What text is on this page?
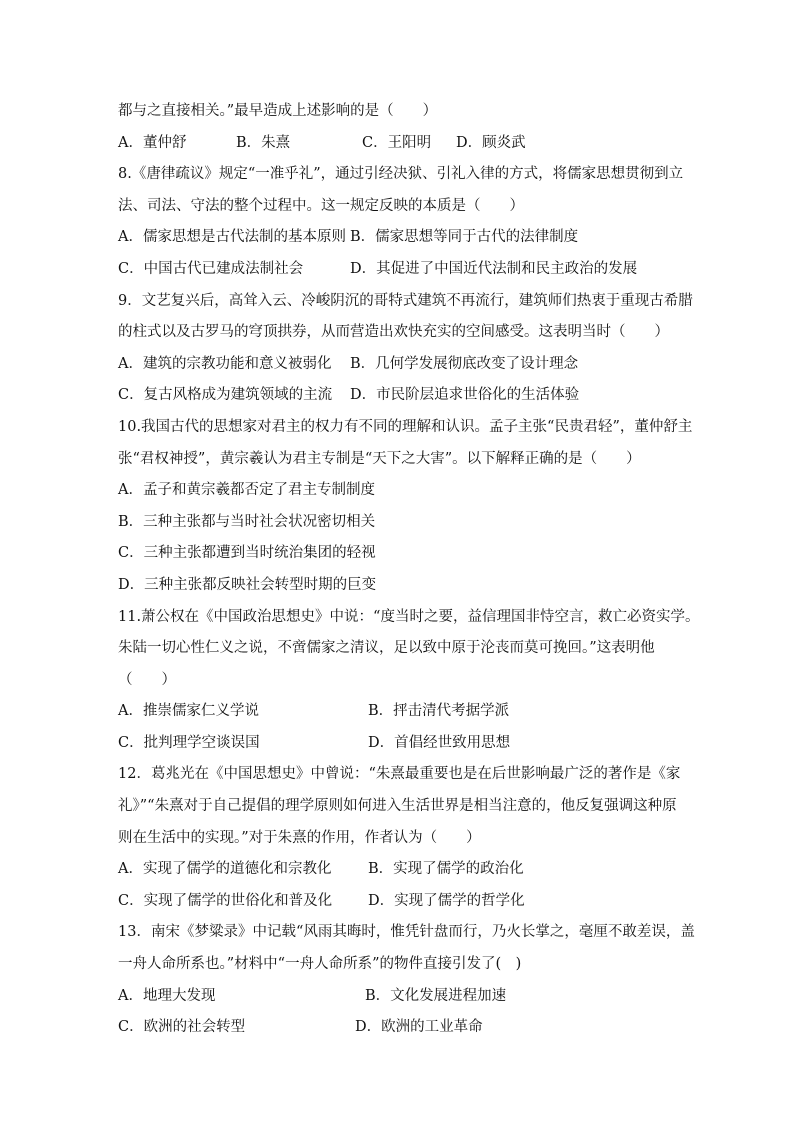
都与之直接相关。”最早造成上述影响的是（　　）
A．董仲舒	B．朱熹	C．王阳明	D．顾炎武
8.《唐律疏议》规定“一准乎礼”，通过引经决狱、引礼入律的方式，将儒家思想贯彻到立
法、司法、守法的整个过程中。这一规定反映的本质是（　　）
A．儒家思想是古代法制的基本原则 B．儒家思想等同于古代的法律制度
C．中国古代已建成法制社会	D．其促进了中国近代法制和民主政治的发展
9．文艺复兴后，高耸入云、冷峻阴沉的哥特式建筑不再流行，建筑师们热衷于重现古希腊
的柱式以及古罗马的穹顶拱券，从而营造出欢快充实的空间感受。这表明当时（　　）
A．建筑的宗教功能和意义被弱化	B．几何学发展彻底改变了设计理念
C．复古风格成为建筑领域的主流	D．市民阶层追求世俗化的生活体验
10.我国古代的思想家对君主的权力有不同的理解和认识。孟子主张“民贵君轻”，董仲舒主
张“君权神授”，黄宗羲认为君主专制是“天下之大害”。以下解释正确的是（　　）
A．孟子和黄宗羲都否定了君主专制制度
B．三种主张都与当时社会状况密切相关
C．三种主张都遭到当时统治集团的轻视
D．三种主张都反映社会转型时期的巨变
11.萧公权在《中国政治思想史》中说：“度当时之要，益信理国非恃空言，救亡必资实学。
朱陆一切心性仁义之说，不啻儒家之清议，足以致中原于沦丧而莫可挽回。”这表明他
（　　）
A．推崇儒家仁义学说	B．抨击清代考据学派
C．批判理学空谈误国	D．首倡经世致用思想
12．葛兆光在《中国思想史》中曾说：“朱熹最重要也是在后世影响最广泛的著作是《家
礼》”“朱熹对于自己提倡的理学原则如何进入生活世界是相当注意的，他反复强调这种原
则在生活中的实现。”对于朱熹的作用，作者认为（　　）
A．实现了儒学的道德化和宗教化	B．实现了儒学的政治化
C．实现了儒学的世俗化和普及化	D．实现了儒学的哲学化
13．南宋《梦粱录》中记载“风雨其晦时，惟凭针盘而行，乃火长掌之，毫厘不敢差误，盖
一舟人命所系也。”材料中“一舟人命所系”的物件直接引发了(　)
A．地理大发现	B．文化发展进程加速
C．欧洲的社会转型	D．欧洲的工业革命
